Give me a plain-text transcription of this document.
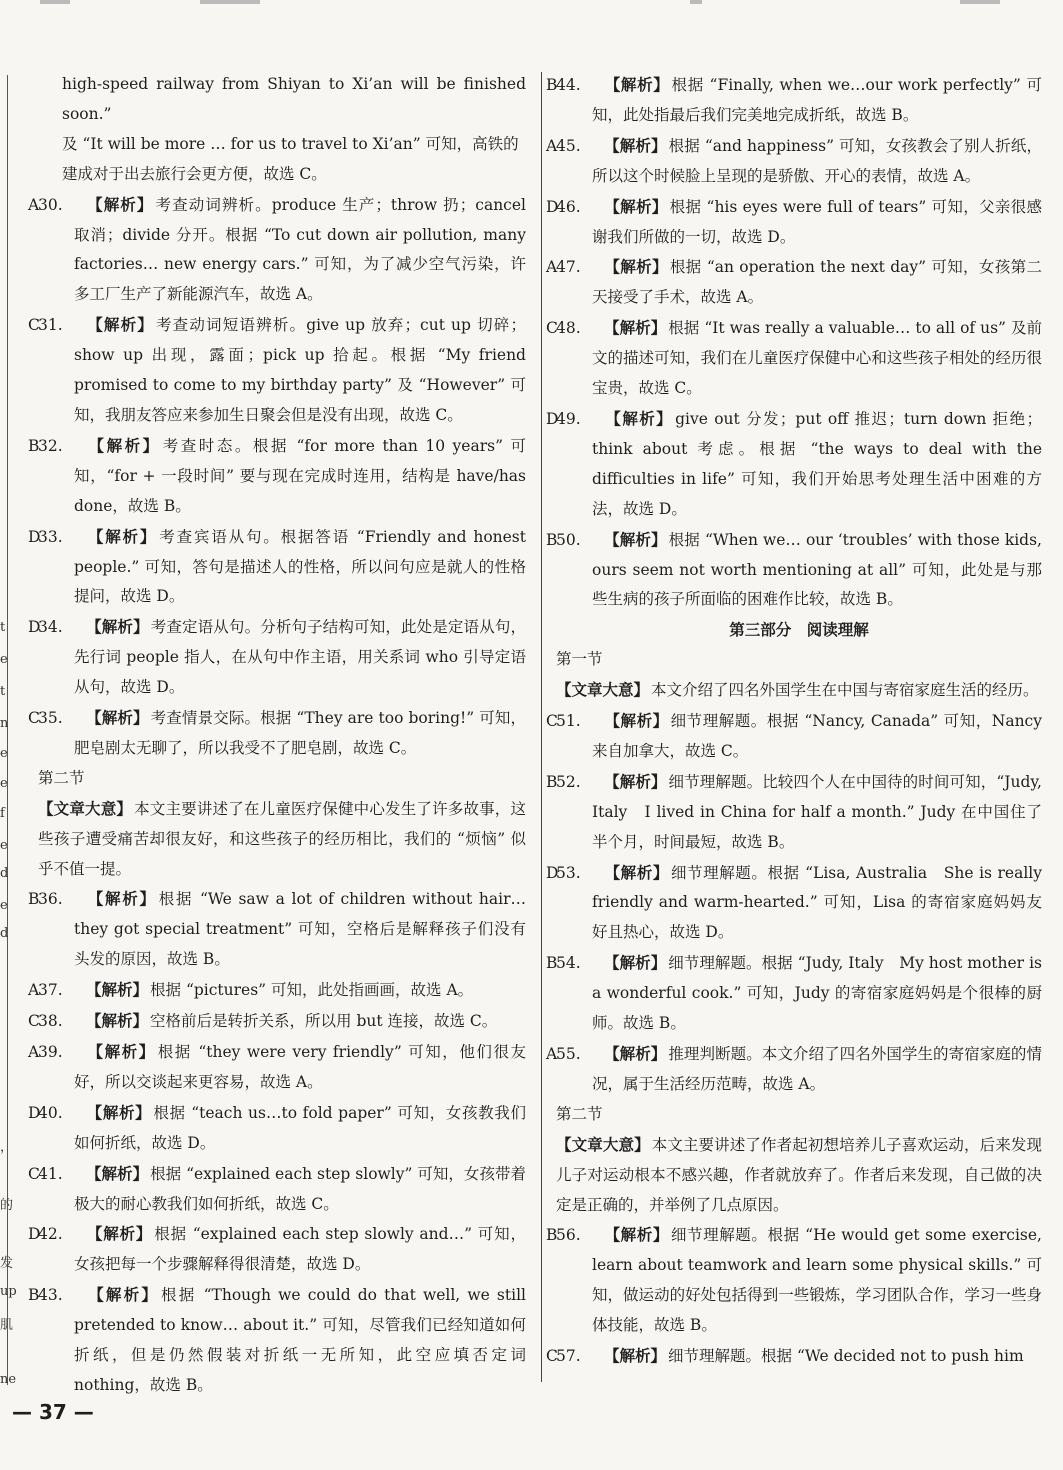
t
e
t
n
e
e
f
e
d
e
d
，
的
发
up
肌
ne

high-speed railway from Shiyan to Xi’an will be finished soon.”

及 “It will be more … for us to travel to Xi’an” 可知，高铁的

建成对于出去旅行会更方便，故选 C。

30.A	【解析】 考查动词辨析。produce 生产；throw 扔；cancel 取消；divide 分开。根据 “To cut down air pollution, many factories… new energy cars.” 可知，为了减少空气污染，许多工厂生产了新能源汽车，故选 A。

31.C	【解析】 考查动词短语辨析。give up 放弃；cut up 切碎；show up 出现，露面；pick up 拾起。根据 “My friend promised to come to my birthday party” 及 “However” 可知，我朋友答应来参加生日聚会但是没有出现，故选 C。

32.B	【解析】 考查时态。根据 “for more than 10 years” 可知，“for + 一段时间” 要与现在完成时连用，结构是 have/has done，故选 B。

33.D	【解析】 考查宾语从句。根据答语 “Friendly and honest people.” 可知，答句是描述人的性格，所以问句应是就人的性格提问，故选 D。

34.D	【解析】 考查定语从句。分析句子结构可知，此处是定语从句，先行词 people 指人，在从句中作主语，用关系词 who 引导定语从句，故选 D。

35.C	【解析】 考查情景交际。根据 “They are too boring!” 可知，肥皂剧太无聊了，所以我受不了肥皂剧，故选 C。

第二节

【文章大意】 本文主要讲述了在儿童医疗保健中心发生了许多故事，这些孩子遭受痛苦却很友好，和这些孩子的经历相比，我们的 “烦恼” 似乎不值一提。

36.B	【解析】 根据 “We saw a lot of children without hair…they got special treatment” 可知，空格后是解释孩子们没有头发的原因，故选 B。

37.A	【解析】 根据 “pictures” 可知，此处指画画，故选 A。

38.C	【解析】 空格前后是转折关系，所以用 but 连接，故选 C。

39.A	【解析】 根据 “they were very friendly” 可知，他们很友好，所以交谈起来更容易，故选 A。

40.D	【解析】 根据 “teach us…to fold paper” 可知，女孩教我们如何折纸，故选 D。

41.C	【解析】 根据 “explained each step slowly” 可知，女孩带着极大的耐心教我们如何折纸，故选 C。

42.D	【解析】 根据 “explained each step slowly and…” 可知，女孩把每一个步骤解释得很清楚，故选 D。

43.B	【解析】 根据 “Though we could do that well, we still pretended to know… about it.” 可知，尽管我们已经知道如何折纸，但是仍然假装对折纸一无所知，此空应填否定词 nothing，故选 B。

44.B	【解析】 根据 “Finally, when we…our work perfectly” 可知，此处指最后我们完美地完成折纸，故选 B。

45.A	【解析】 根据 “and happiness” 可知，女孩教会了别人折纸，所以这个时候脸上呈现的是骄傲、开心的表情，故选 A。

46.D	【解析】 根据 “his eyes were full of tears” 可知，父亲很感谢我们所做的一切，故选 D。

47.A	【解析】 根据 “an operation the next day” 可知，女孩第二天接受了手术，故选 A。

48.C	【解析】 根据 “It was really a valuable… to all of us” 及前文的描述可知，我们在儿童医疗保健中心和这些孩子相处的经历很宝贵，故选 C。

49.D	【解析】 give out 分发；put off 推迟；turn down 拒绝；think about 考虑。根据 “the ways to deal with the difficulties in life” 可知，我们开始思考处理生活中困难的方法，故选 D。

50.B	【解析】 根据 “When we… our ‘troubles’ with those kids, ours seem not worth mentioning at all” 可知，此处是与那些生病的孩子所面临的困难作比较，故选 B。

第三部分　阅读理解

第一节

【文章大意】 本文介绍了四名外国学生在中国与寄宿家庭生活的经历。

51.C	【解析】 细节理解题。根据 “Nancy, Canada” 可知，Nancy 来自加拿大，故选 C。

52.B	【解析】 细节理解题。比较四个人在中国待的时间可知，“Judy, Italy　I lived in China for half a month.” Judy 在中国住了半个月，时间最短，故选 B。

53.D	【解析】 细节理解题。根据 “Lisa, Australia　She is really friendly and warm-hearted.” 可知，Lisa 的寄宿家庭妈妈友好且热心，故选 D。

54.B	【解析】 细节理解题。根据 “Judy, Italy　My host mother is a wonderful cook.” 可知，Judy 的寄宿家庭妈妈是个很棒的厨师。故选 B。

55.A	【解析】 推理判断题。本文介绍了四名外国学生的寄宿家庭的情况，属于生活经历范畴，故选 A。

第二节

【文章大意】 本文主要讲述了作者起初想培养儿子喜欢运动，后来发现儿子对运动根本不感兴趣，作者就放弃了。作者后来发现，自己做的决定是正确的，并举例了几点原因。

56.B	【解析】 细节理解题。根据 “He would get some exercise, learn about teamwork and learn some physical skills.” 可知，做运动的好处包括得到一些锻炼，学习团队合作，学习一些身体技能，故选 B。

57.C	【解析】 细节理解题。根据 “We decided not to push him

— 37 —
